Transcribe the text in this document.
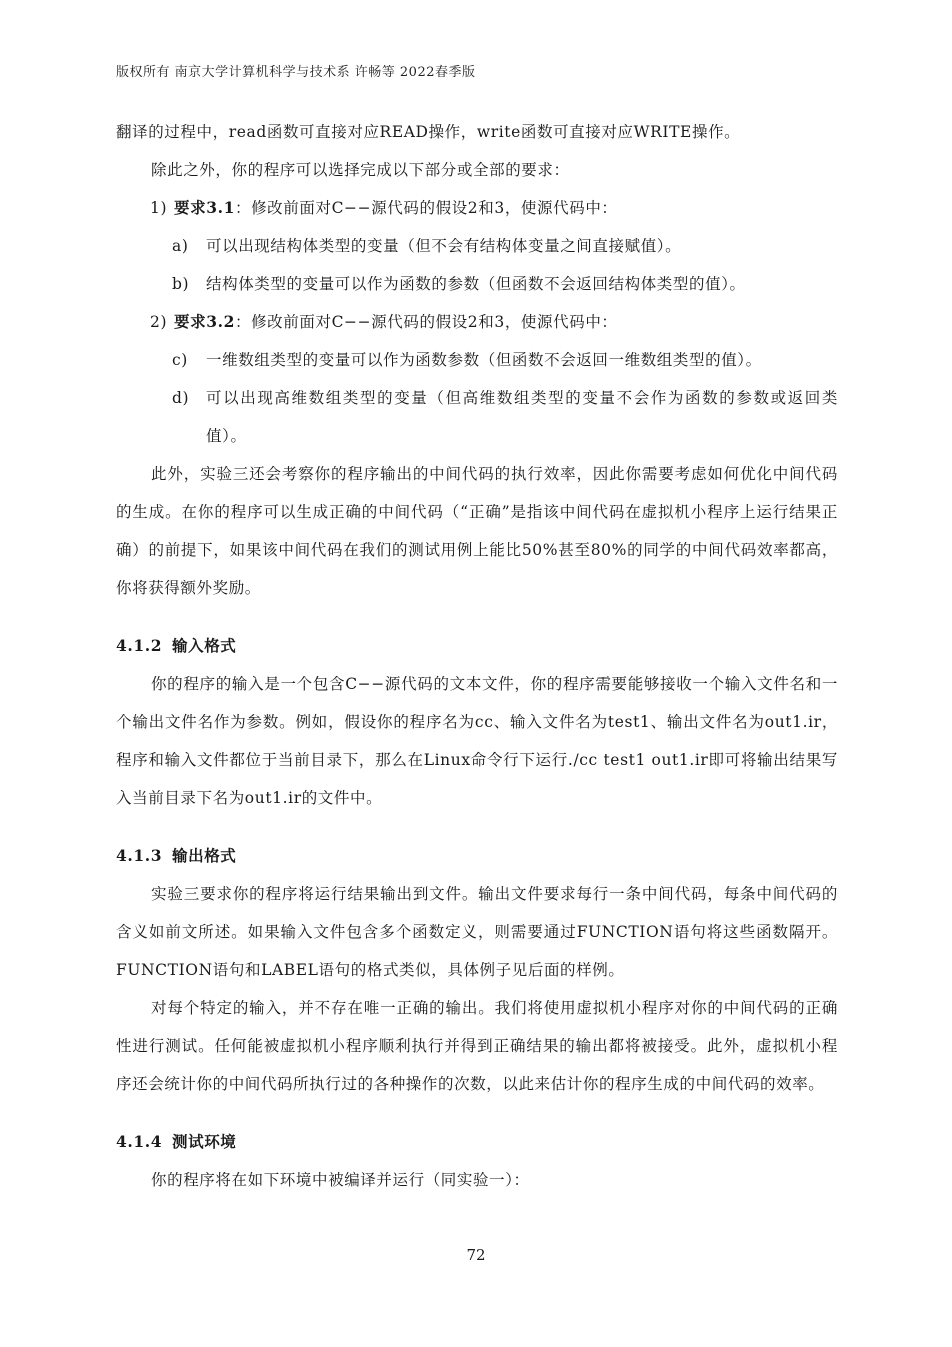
版权所有 南京大学计算机科学与技术系 许畅等 2022春季版

翻译的过程中，read函数可直接对应READ操作，write函数可直接对应WRITE操作。

除此之外，你的程序可以选择完成以下部分或全部的要求：

1) 要求3.1：修改前面对C−−源代码的假设2和3，使源代码中：

a) 可以出现结构体类型的变量（但不会有结构体变量之间直接赋值）。

b) 结构体类型的变量可以作为函数的参数（但函数不会返回结构体类型的值）。

2) 要求3.2：修改前面对C−−源代码的假设2和3，使源代码中：

c) 一维数组类型的变量可以作为函数参数（但函数不会返回一维数组类型的值）。

d) 可以出现高维数组类型的变量（但高维数组类型的变量不会作为函数的参数或返回类值）。

此外，实验三还会考察你的程序输出的中间代码的执行效率，因此你需要考虑如何优化中间代码的生成。在你的程序可以生成正确的中间代码（“正确”是指该中间代码在虚拟机小程序上运行结果正确）的前提下，如果该中间代码在我们的测试用例上能比50%甚至80%的同学的中间代码效率都高，你将获得额外奖励。

4.1.2 输入格式

你的程序的输入是一个包含C−−源代码的文本文件，你的程序需要能够接收一个输入文件名和一个输出文件名作为参数。例如，假设你的程序名为cc、输入文件名为test1、输出文件名为out1.ir，程序和输入文件都位于当前目录下，那么在Linux命令行下运行./cc test1 out1.ir即可将输出结果写入当前目录下名为out1.ir的文件中。

4.1.3 输出格式

实验三要求你的程序将运行结果输出到文件。输出文件要求每行一条中间代码，每条中间代码的含义如前文所述。如果输入文件包含多个函数定义，则需要通过FUNCTION语句将这些函数隔开。FUNCTION语句和LABEL语句的格式类似，具体例子见后面的样例。

对每个特定的输入，并不存在唯一正确的输出。我们将使用虚拟机小程序对你的中间代码的正确性进行测试。任何能被虚拟机小程序顺利执行并得到正确结果的输出都将被接受。此外，虚拟机小程序还会统计你的中间代码所执行过的各种操作的次数，以此来估计你的程序生成的中间代码的效率。

4.1.4 测试环境

你的程序将在如下环境中被编译并运行（同实验一）：

72
